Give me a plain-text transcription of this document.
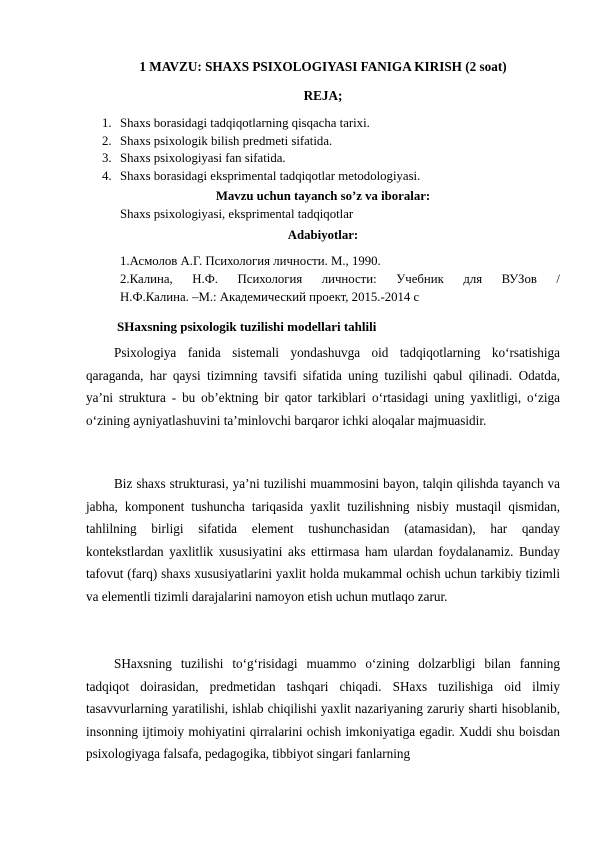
1 MAVZU: SHAXS PSIXOLOGIYASI FANIGA KIRISH (2 soat)
REJA;
1. Shaxs borasidagi tadqiqotlarning qisqacha tarixi.
2. Shaxs psixologik bilish predmeti sifatida.
3. Shaxs psixologiyasi fan sifatida.
4. Shaxs borasidagi eksprimental tadqiqotlar metodologiyasi.
Mavzu uchun tayanch so’z va iboralar:
Shaxs psixologiyasi, eksprimental tadqiqotlar
Adabiyotlar:
1.Асмолов А.Г. Психология личности. М., 1990.
2.Калина, Н.Ф. Психология личности: Учебник для ВУЗов /
Н.Ф.Калина. –М.: Академический проект, 2015.-2014 с
SHaxsning psixologik tuzilishi modellari tahlili

Psixologiya fanida sistemali yondashuvga oid tadqiqotlarning ko‘rsatishiga qaraganda, har qaysi tizimning tavsifi sifatida uning tuzilishi qabul qilinadi. Odatda, ya’ni struktura - bu ob’ektning bir qator tarkiblari o‘rtasidagi uning yaxlitligi, o‘ziga o‘zining ayniyatlashuvini ta’minlovchi barqaror ichki aloqalar majmuasidir.

Biz shaxs strukturasi, ya’ni tuzilishi muammosini bayon, talqin qilishda tayanch va jabha, komponent tushuncha tariqasida yaxlit tuzilishning nisbiy mustaqil qismidan, tahlilning birligi sifatida element tushunchasidan (atamasidan), har qanday kontekstlardan yaxlitlik xususiyatini aks ettirmasa ham ulardan foydalanamiz. Bunday tafovut (farq) shaxs xususiyatlarini yaxlit holda mukammal ochish uchun tarkibiy tizimli va elementli tizimli darajalarini namoyon etish uchun mutlaqo zarur.

SHaxsning tuzilishi to‘g‘risidagi muammo o‘zining dolzarbligi bilan fanning tadqiqot doirasidan, predmetidan tashqari chiqadi. SHaxs tuzilishiga oid ilmiy tasavvurlarning yaratilishi, ishlab chiqilishi yaxlit nazariyaning zaruriy sharti hisoblanib, insonning ijtimoiy mohiyatini qirralarini ochish imkoniyatiga egadir. Xuddi shu boisdan psixologiyaga falsafa, pedagogika, tibbiyot singari fanlarning
